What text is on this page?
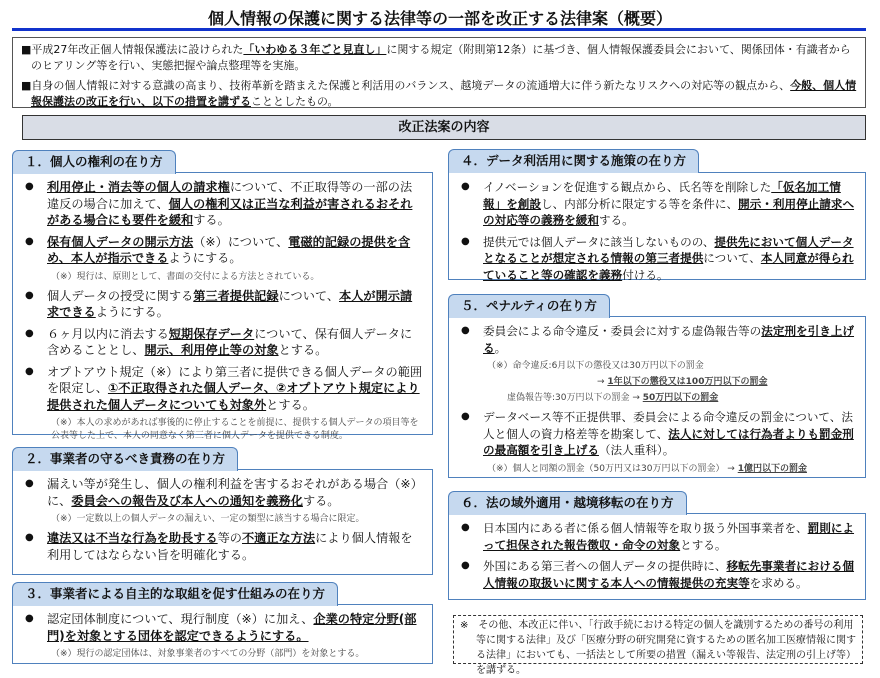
個人情報の保護に関する法律等の一部を改正する法律案（概要）

■平成27年改正個人情報保護法に設けられた「いわゆる３年ごと見直し」に関する規定（附則第12条）に基づき、個人情報保護委員会において、関係団体・有識者からのヒアリング等を行い、実態把握や論点整理等を実施。

■自身の個人情報に対する意識の高まり、技術革新を踏まえた保護と利活用のバランス、越境データの流通増大に伴う新たなリスクへの対応等の観点から、今般、個人情報保護法の改正を行い、以下の措置を講ずることとしたもの。

改正法案の内容
１．個人の権利の在り方
● 利用停止・消去等の個人の請求権について、不正取得等の一部の法違反の場合に加えて、個人の権利又は正当な利益が害されるおそれがある場合にも要件を緩和する。
● 保有個人データの開示方法（※）について、電磁的記録の提供を含め、本人が指示できるようにする。
（※）現行は、原則として、書面の交付による方法とされている。
● 個人データの授受に関する第三者提供記録について、本人が開示請求できるようにする。
● ６ヶ月以内に消去する短期保存データについて、保有個人データに含めることとし、開示、利用停止等の対象とする。
● オプトアウト規定（※）により第三者に提供できる個人データの範囲を限定し、①不正取得された個人データ、②オプトアウト規定により提供された個人データについても対象外とする。
（※）本人の求めがあれば事後的に停止することを前提に、提供する個人データの項目等を公表等した上で、本人の同意なく第三者に個人データを提供できる制度。
２．事業者の守るべき責務の在り方
● 漏えい等が発生し、個人の権利利益を害するおそれがある場合（※）に、委員会への報告及び本人への通知を義務化する。
（※）一定数以上の個人データの漏えい、一定の類型に該当する場合に限定。
● 違法又は不当な行為を助長する等の不適正な方法により個人情報を利用してはならない旨を明確化する。
３．事業者による自主的な取組を促す仕組みの在り方
● 認定団体制度について、現行制度（※）に加え、企業の特定分野(部門)を対象とする団体を認定できるようにする。
（※）現行の認定団体は、対象事業者のすべての分野（部門）を対象とする。
４．データ利活用に関する施策の在り方
● イノベーションを促進する観点から、氏名等を削除した「仮名加工情報」を創設し、内部分析に限定する等を条件に、開示・利用停止請求への対応等の義務を緩和する。
● 提供元では個人データに該当しないものの、提供先において個人データとなることが想定される情報の第三者提供について、本人同意が得られていること等の確認を義務付ける。
５．ペナルティの在り方
● 委員会による命令違反・委員会に対する虚偽報告等の法定刑を引き上げる。
（※）命令違反:6月以下の懲役又は30万円以下の罰金
→ 1年以下の懲役又は100万円以下の罰金
虚偽報告等:30万円以下の罰金 → 50万円以下の罰金
● データベース等不正提供罪、委員会による命令違反の罰金について、法人と個人の資力格差等を勘案して、法人に対しては行為者よりも罰金刑の最高額を引き上げる（法人重科）。
（※）個人と同額の罰金（50万円又は30万円以下の罰金） → 1億円以下の罰金
６．法の域外適用・越境移転の在り方
● 日本国内にある者に係る個人情報等を取り扱う外国事業者を、罰則によって担保された報告徴収・命令の対象とする。
● 外国にある第三者への個人データの提供時に、移転先事業者における個人情報の取扱いに関する本人への情報提供の充実等を求める。
※　その他、本改正に伴い、「行政手続における特定の個人を識別するための番号の利用等に関する法律」及び「医療分野の研究開発に資するための匿名加工医療情報に関する法律」においても、一括法として所要の措置（漏えい等報告、法定刑の引上げ等）を講ずる。
